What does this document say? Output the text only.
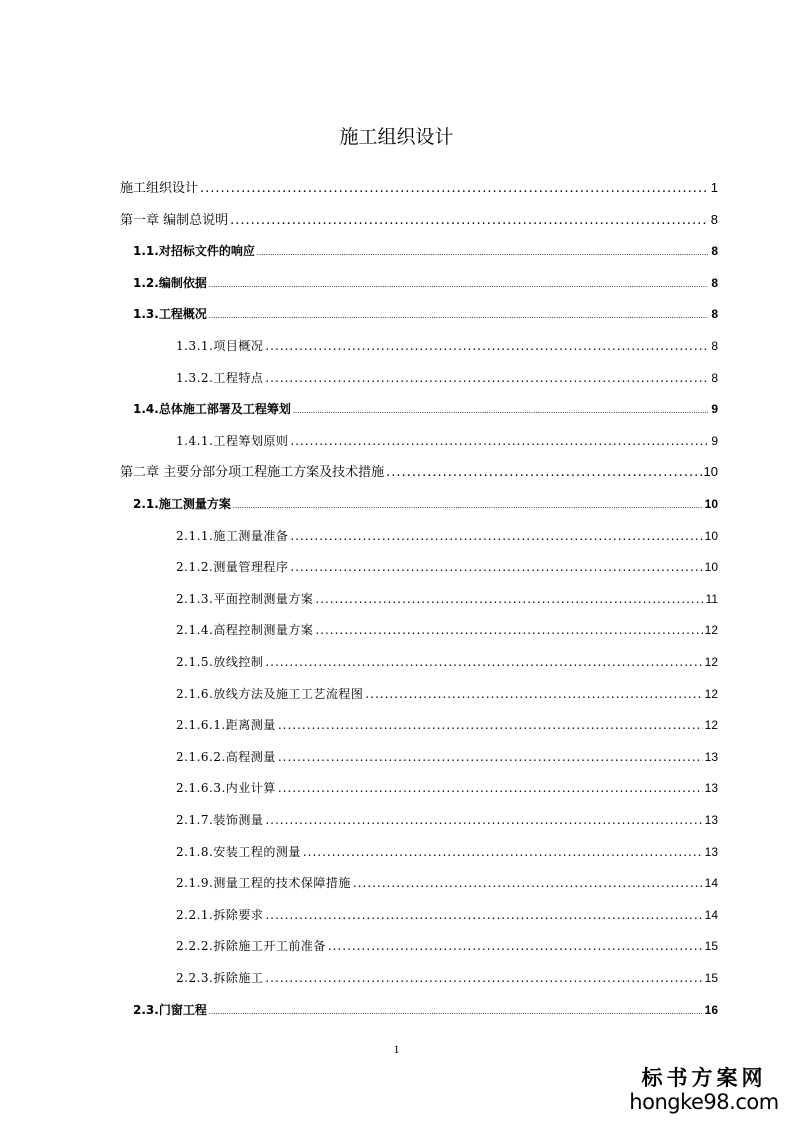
施工组织设计
施工组织设计 .....	1
第一章 编制总说明 .....	8
1.1.对招标文件的响应 .....	8
1.2.编制依据 .....	8
1.3.工程概况 .....	8
1.3.1.项目概况 .....	8
1.3.2.工程特点 .....	8
1.4.总体施工部署及工程筹划 .....	9
1.4.1.工程筹划原则 .....	9
第二章 主要分部分项工程施工方案及技术措施 .....	10
2.1.施工测量方案 .....	10
2.1.1.施工测量准备 .....	10
2.1.2.测量管理程序 .....	10
2.1.3.平面控制测量方案 .....	11
2.1.4.高程控制测量方案 .....	12
2.1.5.放线控制 .....	12
2.1.6.放线方法及施工工艺流程图 .....	12
2.1.6.1.距离测量 .....	12
2.1.6.2.高程测量 .....	13
2.1.6.3.内业计算 .....	13
2.1.7.装饰测量 .....	13
2.1.8.安装工程的测量 .....	13
2.1.9.测量工程的技术保障措施 .....	14
2.2.1.拆除要求 .....	14
2.2.2.拆除施工开工前准备 .....	15
2.2.3.拆除施工 .....	15
2.3.门窗工程 .....	16
1
标书方案网
hongke98.com
